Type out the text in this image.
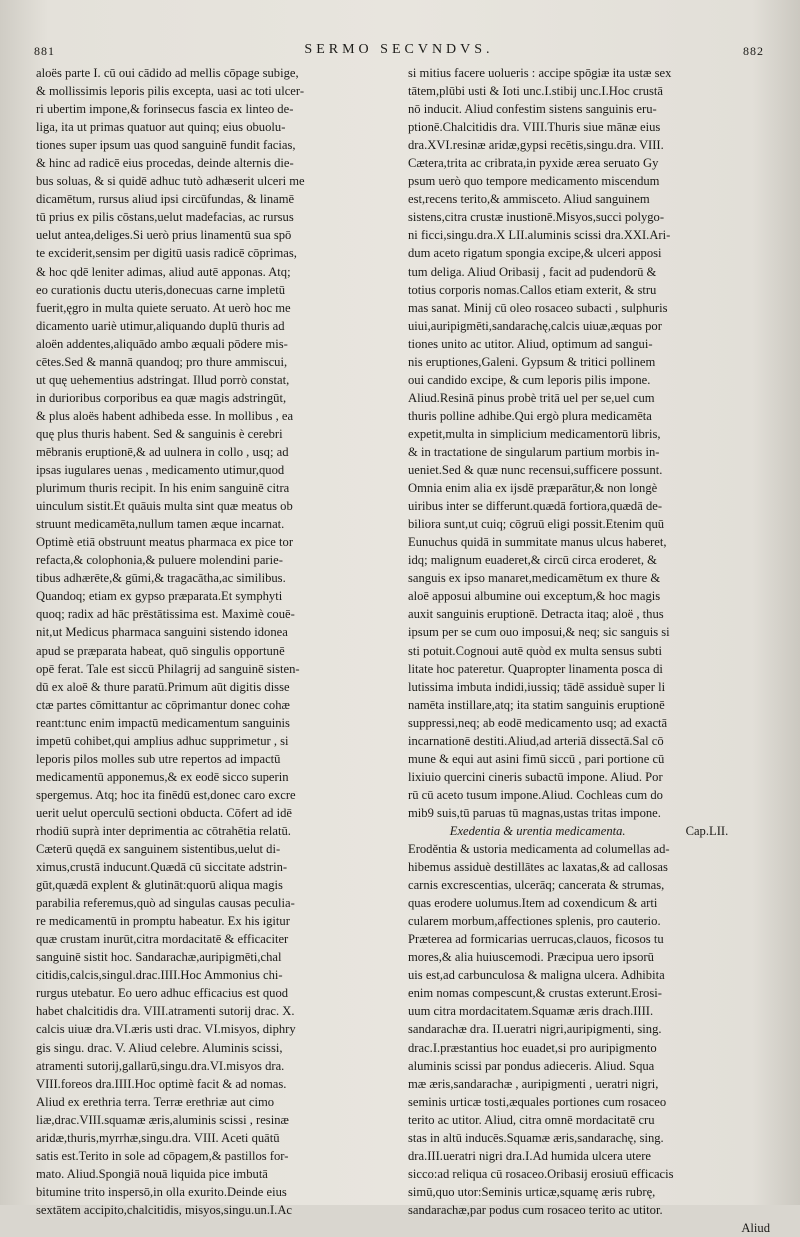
881	SERMO SECVNDVS.	882
aloës parte I. cū oui cādido ad mellis cōpage subige,
& mollissimis leporis pilis excepta, uasi ac toti ulcer-
ri ubertim impone,& forinsecus fascia ex linteo de-
liga, ita ut primas quatuor aut quinq; eius obuolu-
tiones super ipsum uas quod sanguinē fundit facias,
& hinc ad radicē eius procedas, deinde alternis die-
bus soluas, & si quidē adhuc tutò adhæserit ulceri me
dicamētum, rursus aliud ipsi circūfundas, & linamē
tū prius ex pilis cōstans,uelut madefacias, ac rursus
uelut antea,deliges.Si uerò prius linamentū sua spō
te exciderit,sensim per digitū uasis radicē cōprimas,
& hoc qdē leniter adimas, aliud autē apponas. Atq;
eo curationis ductu uteris,donecuas carne impletū
fuerit,ęgro in multa quiete seruato. At uerò hoc me
dicamento uariè utimur,aliquando duplū thuris ad
aloën addentes,aliquādo ambo æquali pōdere mis-
cētes.Sed & mannā quandoq; pro thure ammiscui,
ut quę uehementius adstringat. Illud porrò constat,
in durioribus corporibus ea quæ magis adstringūt,
& plus aloës habent adhibeda esse. In mollibus , ea
quę plus thuris habent. Sed & sanguinis è cerebri
mēbranis eruptionē,& ad uulnera in collo , usq; ad
ipsas iugulares uenas , medicamento utimur,quod
plurimum thuris recipit. In his enim sanguinē citra
uinculum sistit.Et quāuis multa sint quæ meatus ob
struunt medicamēta,nullum tamen æque incarnat.
Optimè etiā obstruunt meatus pharmaca ex pice tor
refacta,& colophonia,& puluere molendini parie-
tibus adhærēte,& gūmi,& tragacātha,ac similibus.
Quandoq; etiam ex gypso præparata.Et symphyti
quoq; radix ad hāc prēstātissima est. Maximè couē-
nit,ut Medicus pharmaca sanguini sistendo idonea
apud se præparata habeat, quō singulis opportunē
opē ferat. Tale est siccū Philagrij ad sanguinē sisten-
dū ex aloē & thure paratū.Primum aūt digitis disse
ctæ partes cōmittantur ac cōprimantur donec cohæ
reant:tunc enim impactū medicamentum sanguinis
impetū cohibet,qui amplius adhuc supprimetur , si
leporis pilos molles sub utre repertos ad impactū
medicamentū apponemus,& ex eodē sicco superin
spergemus. Atq; hoc ita finēdū est,donec caro excre
uerit uelut operculū sectioni obducta. Cōfert ad idē
rhodiū suprà inter deprimentia ac cōtrahētia relatū.
Cæterū quędā ex sanguinem sistentibus,uelut di-
ximus,crustā inducunt.Quædā cū siccitate adstrin-
gūt,quædā explent & glutināt:quorū aliqua magis
parabilia referemus,quò ad singulas causas peculia-
re medicamentū in promptu habeatur. Ex his igitur
quæ crustam inurūt,citra mordacitatē & efficaciter
sanguinē sistit hoc. Sandarachæ,auripigmēti,chal
citidis,calcis,singul.drac.IIII.Hoc Ammonius chi-
rurgus utebatur. Eo uero adhuc efficacius est quod
habet chalcitidis dra. VIII.atramenti sutorij drac. X.
calcis uiuæ dra.VI.æris usti drac. VI.misyos, diphry
gis singu. drac. V. Aliud celebre. Aluminis scissi,
atramenti sutorij,gallarū,singu.dra.VI.misyos dra.
VIII.foreos dra.IIII.Hoc optimè facit & ad nomas.
Aliud ex erethria terra. Terræ erethriæ aut cimo
liæ,drac.VIII.squamæ æris,aluminis scissi , resinæ
aridæ,thuris,myrrhæ,singu.dra. VIII. Aceti quātū
satis est.Terito in sole ad cōpagem,& pastillos for-
mato. Aliud.Spongiā nouā liquida pice imbutā
bitumine trito inspersō,in olla exurito.Deinde eius
sextātem accipito,chalcitidis, misyos,singu.un.I.Ac
si mitius facere uolueris : accipe spōgiæ ita ustæ sex
tātem,plūbi usti & Ioti unc.I.stibij unc.I.Hoc crustā
nō inducit. Aliud confestim sistens sanguinis eru-
ptionē.Chalcitidis dra. VIII.Thuris siue mānæ eius
dra.XVI.resinæ aridæ,gypsi recētis,singu.dra. VIII.
Cætera,trita ac cribrata,in pyxide ærea seruato Gy
psum uerò quo tempore medicamento miscendum
est,recens terito,& ammisceto. Aliud sanguinem
sistens,citra crustæ inustionē.Misyos,succi polygo-
ni ficci,singu.dra.X LII.aluminis scissi dra.XXI.Ari-
dum aceto rigatum spongia excipe,& ulceri apposi
tum deliga. Aliud Oribasij , facit ad pudendorū &
totius corporis nomas.Callos etiam exterit, & stru
mas sanat. Minij cū oleo rosaceo subacti , sulphuris
uiui,auripigmēti,sandarachę,calcis uiuæ,æquas por
tiones unito ac utitor. Aliud, optimum ad sangui-
nis eruptiones,Galeni. Gypsum & tritici pollinem
oui candido excipe, & cum leporis pilis impone.
Aliud.Resinā pinus probè tritā uel per se,uel cum
thuris polline adhibe.Qui ergò plura medicamēta
expetit,multa in simplicium medicamentorū libris,
& in tractatione de singularum partium morbis in-
ueniet.Sed & quæ nunc recensui,sufficere possunt.
Omnia enim alia ex ijsdē præparātur,& non longè
uiribus inter se differunt.quædā fortiora,quædā de-
biliora sunt,ut cuiq; cōgruū eligi possit.Etenim quū
Eunuchus quidā in summitate manus ulcus haberet,
idq; malignum euaderet,& circū circa eroderet, &
sanguis ex ipso manaret,medicamētum ex thure &
aloē apposui albumine oui exceptum,& hoc magis
auxit sanguinis eruptionē. Detracta itaq; aloë , thus
ipsum per se cum ouo imposui,& neq; sic sanguis si
sti potuit.Cognoui autē quòd ex multa sensus subti
litate hoc pateretur. Quapropter linamenta posca di
lutissima imbuta indidi,iussiq; tādē assiduè super li
namēta instillare,atq; ita statim sanguinis eruptionē
suppressi,neq; ab eodē medicamento usq; ad exactā
incarnationē destiti.Aliud,ad arteriā dissectā.Sal cō
mune & equi aut asini fimū siccū , pari portione cū
lixiuio quercini cineris subactū impone. Aliud. Por
rū cū aceto tusum impone.Aliud. Cochleas cum do
mib9 suis,tū paruas tū magnas,ustas tritas impone.
Exedentia & urentia medicamenta.	Cap.LII.
Eroděntia & ustoria medicamenta ad columellas ad-
hibemus assiduè destillātes ac laxatas,& ad callosas
carnis excrescentias, ulcerāq; cancerata & strumas,
quas erodere uolumus.Item ad coxendicum & arti
cularem morbum,affectiones splenis, pro cauterio.
Præterea ad formicarias uerrucas,clauos, ficosos tu
mores,& alia huiuscemodi. Præcipua uero ipsorū
uis est,ad carbunculosa & maligna ulcera. Adhibita
enim nomas compescunt,& crustas exterunt.Erosi-
uum citra mordacitatem.Squamæ æris drach.IIII.
sandarachæ dra. II.ueratri nigri,auripigmenti, sing.
drac.I.præstantius hoc euadet,si pro auripigmento
aluminis scissi par pondus adieceris. Aliud. Squa
mæ æris,sandarachæ , auripigmenti , ueratri nigri,
seminis urticæ tosti,æquales portiones cum rosaceo
terito ac utitor. Aliud, citra omnē mordacitatē cru
stas in altū inducēs.Squamæ æris,sandarachę, sing.
dra.III.ueratri nigri dra.I.Ad humida ulcera utere
sicco:ad reliqua cū rosaceo.Oribasij erosiuū efficacis
simū,quo utor:Seminis urticæ,squamę æris rubrę,
sandarachæ,par podus cum rosaceo terito ac utitor.
Aliud
